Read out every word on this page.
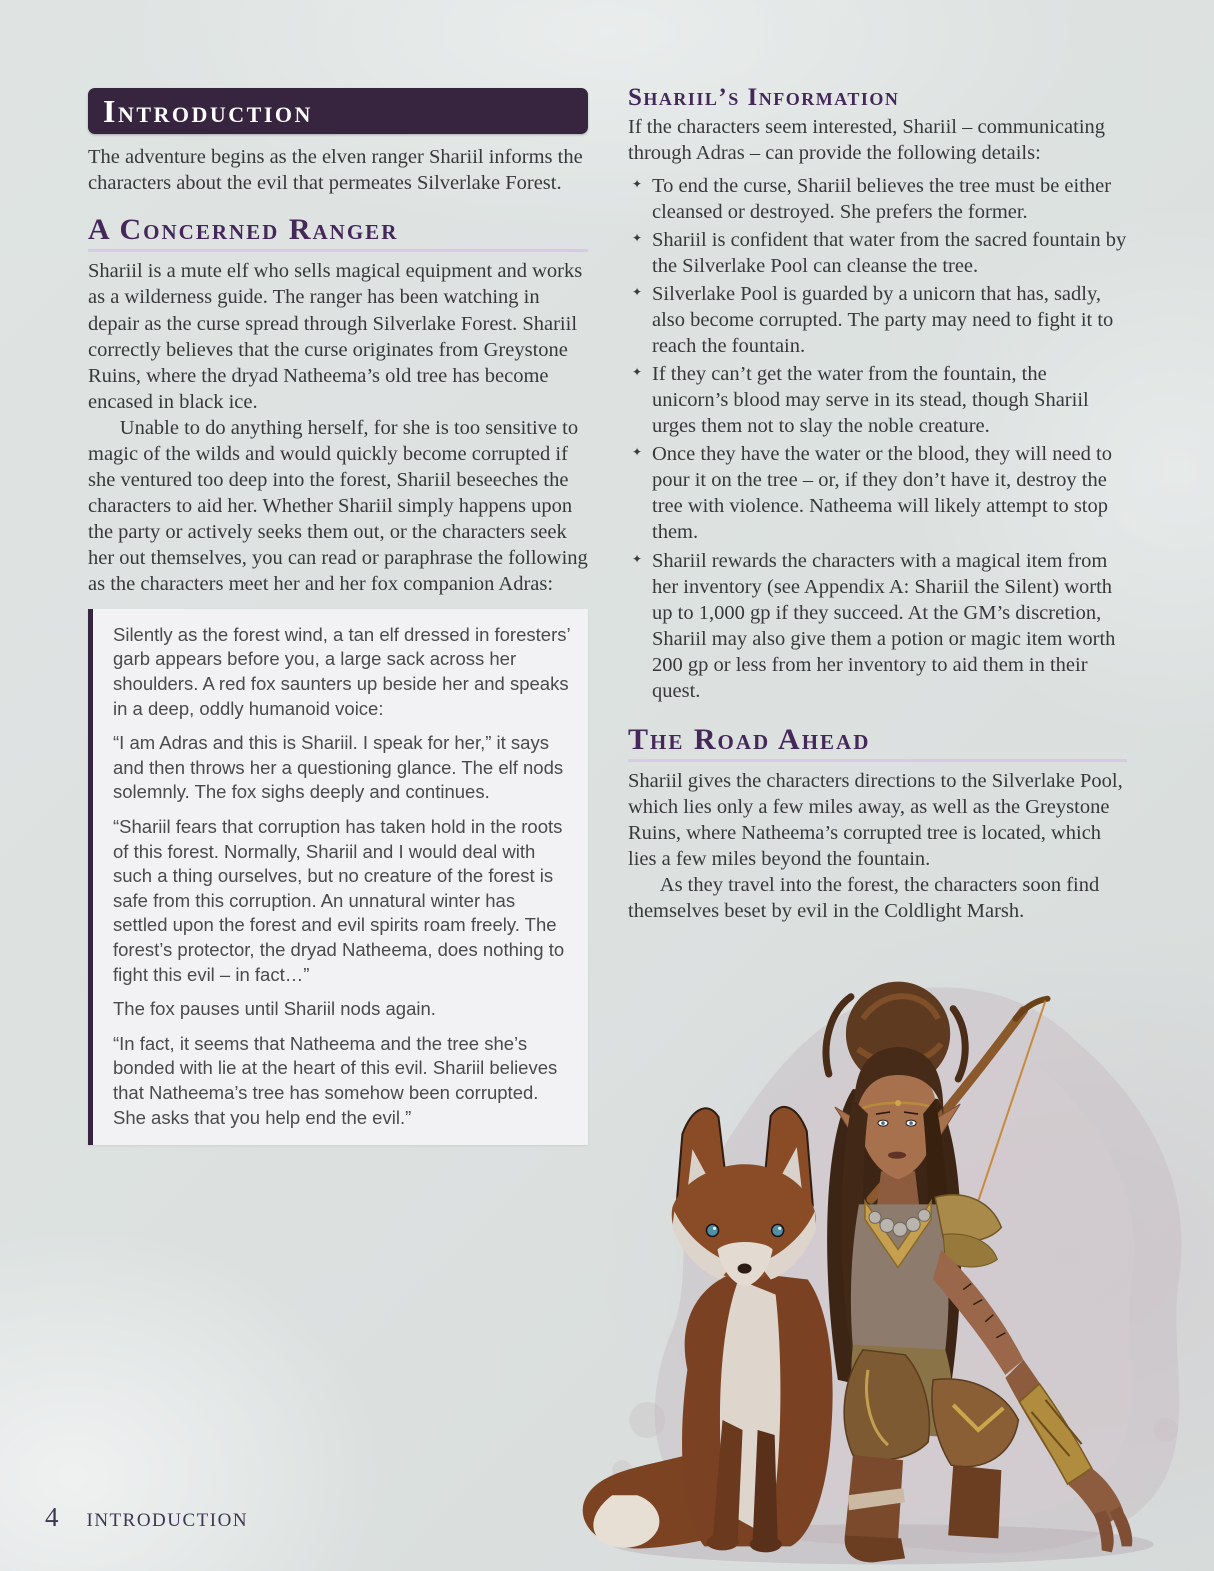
Introduction

The adventure begins as the elven ranger Shariil informs the characters about the evil that permeates Silverlake Forest.

A Concerned Ranger

Shariil is a mute elf who sells magical equipment and works as a wilderness guide. The ranger has been watching in depair as the curse spread through Silverlake Forest. Shariil correctly believes that the curse originates from Greystone Ruins, where the dryad Natheema’s old tree has become encased in black ice.

Unable to do anything herself, for she is too sensitive to magic of the wilds and would quickly become corrupted if she ventured too deep into the forest, Shariil beseeches the characters to aid her. Whether Shariil simply happens upon the party or actively seeks them out, or the characters seek her out themselves, you can read or paraphrase the following as the characters meet her and her fox companion Adras:

Silently as the forest wind, a tan elf dressed in foresters’ garb appears before you, a large sack across her shoulders. A red fox saunters up beside her and speaks in a deep, oddly humanoid voice:

“I am Adras and this is Shariil. I speak for her,” it says and then throws her a questioning glance. The elf nods solemnly. The fox sighs deeply and continues.

“Shariil fears that corruption has taken hold in the roots of this forest. Normally, Shariil and I would deal with such a thing ourselves, but no creature of the forest is safe from this corruption. An unnatural winter has settled upon the forest and evil spirits roam freely. The forest’s protector, the dryad Natheema, does nothing to fight this evil – in fact…”

The fox pauses until Shariil nods again.

“In fact, it seems that Natheema and the tree she’s bonded with lie at the heart of this evil. Shariil believes that Natheema’s tree has somehow been corrupted. She asks that you help end the evil.”

Shariil’s Information

If the characters seem interested, Shariil – communicating through Adras – can provide the following details:

✦ To end the curse, Shariil believes the tree must be either cleansed or destroyed. She prefers the former.
✦ Shariil is confident that water from the sacred fountain by the Silverlake Pool can cleanse the tree.
✦ Silverlake Pool is guarded by a unicorn that has, sadly, also become corrupted. The party may need to fight it to reach the fountain.
✦ If they can’t get the water from the fountain, the unicorn’s blood may serve in its stead, though Shariil urges them not to slay the noble creature.
✦ Once they have the water or the blood, they will need to pour it on the tree – or, if they don’t have it, destroy the tree with violence. Natheema will likely attempt to stop them.
✦ Shariil rewards the characters with a magical item from her inventory (see Appendix A: Shariil the Silent) worth up to 1,000 gp if they succeed. At the GM’s discretion, Shariil may also give them a potion or magic item worth 200 gp or less from her inventory to aid them in their quest.
The Road Ahead

Shariil gives the characters directions to the Silverlake Pool, which lies only a few miles away, as well as the Greystone Ruins, where Natheema’s corrupted tree is located, which lies a few miles beyond the fountain.

As they travel into the forest, the characters soon find themselves beset by evil in the Coldlight Marsh.

4 INTRODUCTION
